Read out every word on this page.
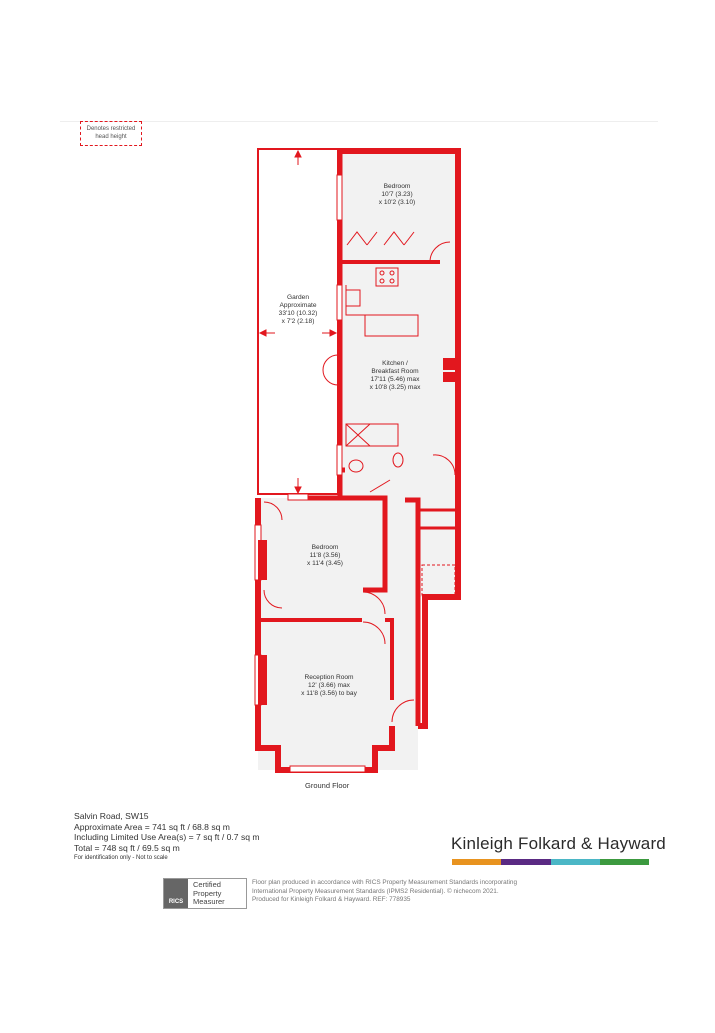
Denotes restricted
head height
Bedroom
10'7 (3.23)
x 10'2 (3.10)
Garden
Approximate
33'10 (10.32)
x 7'2 (2.18)
Kitchen /
Breakfast Room
17'11 (5.46) max
x 10'8 (3.25) max
Bedroom
11'8 (3.56)
x 11'4 (3.45)
Reception Room
12' (3.66) max
x 11'8 (3.56) to bay
Ground Floor
Salvin Road, SW15
Approximate Area = 741 sq ft / 68.8 sq m
Including Limited Use Area(s) = 7 sq ft / 0.7 sq m
Total = 748 sq ft / 69.5 sq m
For identification only - Not to scale
Kinleigh Folkard & Hayward
RICS
Certified
Property
Measurer
Floor plan produced in accordance with RICS Property Measurement Standards incorporating
International Property Measurement Standards (IPMS2 Residential). © nichecom 2021.
Produced for Kinleigh Folkard & Hayward. REF: 778935
